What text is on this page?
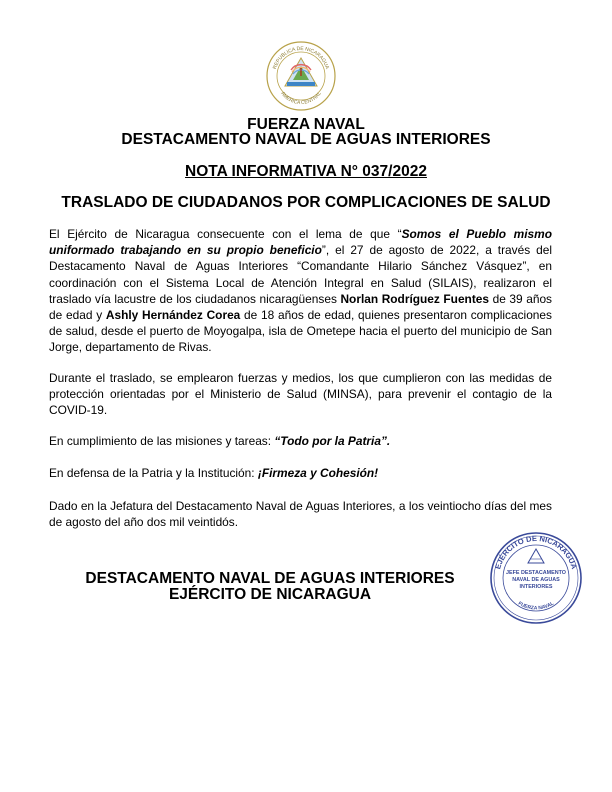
REPUBLICA DE NICARAGUA
AMERICA CENTRAL
FUERZA NAVAL
DESTACAMENTO NAVAL DE AGUAS INTERIORES
NOTA INFORMATIVA N° 037/2022
TRASLADO DE CIUDADANOS POR COMPLICACIONES DE SALUD
El Ejército de Nicaragua consecuente con el lema de que “Somos el Pueblo mismo uniformado trabajando en su propio beneficio”, el 27 de agosto de 2022, a través del Destacamento Naval de Aguas Interiores “Comandante Hilario Sánchez Vásquez”, en coordinación con el Sistema Local de Atención Integral en Salud (SILAIS), realizaron el traslado vía lacustre de los ciudadanos nicaragüenses Norlan Rodríguez Fuentes de 39 años de edad y Ashly Hernández Corea de 18 años de edad, quienes presentaron complicaciones de salud, desde el puerto de Moyogalpa, isla de Ometepe hacia el puerto del municipio de San Jorge, departamento de Rivas.
Durante el traslado, se emplearon fuerzas y medios, los que cumplieron con las medidas de protección orientadas por el Ministerio de Salud (MINSA), para prevenir el contagio de la COVID-19.
En cumplimiento de las misiones y tareas: “Todo por la Patria”.
En defensa de la Patria y la Institución: ¡Firmeza y Cohesión!
Dado en la Jefatura del Destacamento Naval de Aguas Interiores, a los veintiocho días del mes de agosto del año dos mil veintidós.
DESTACAMENTO NAVAL DE AGUAS INTERIORES
EJÉRCITO DE NICARAGUA
EJÉRCITO DE NICARAGUA
JEFE DESTACAMENTO
NAVAL DE AGUAS
INTERIORES
FUERZA NAVAL
